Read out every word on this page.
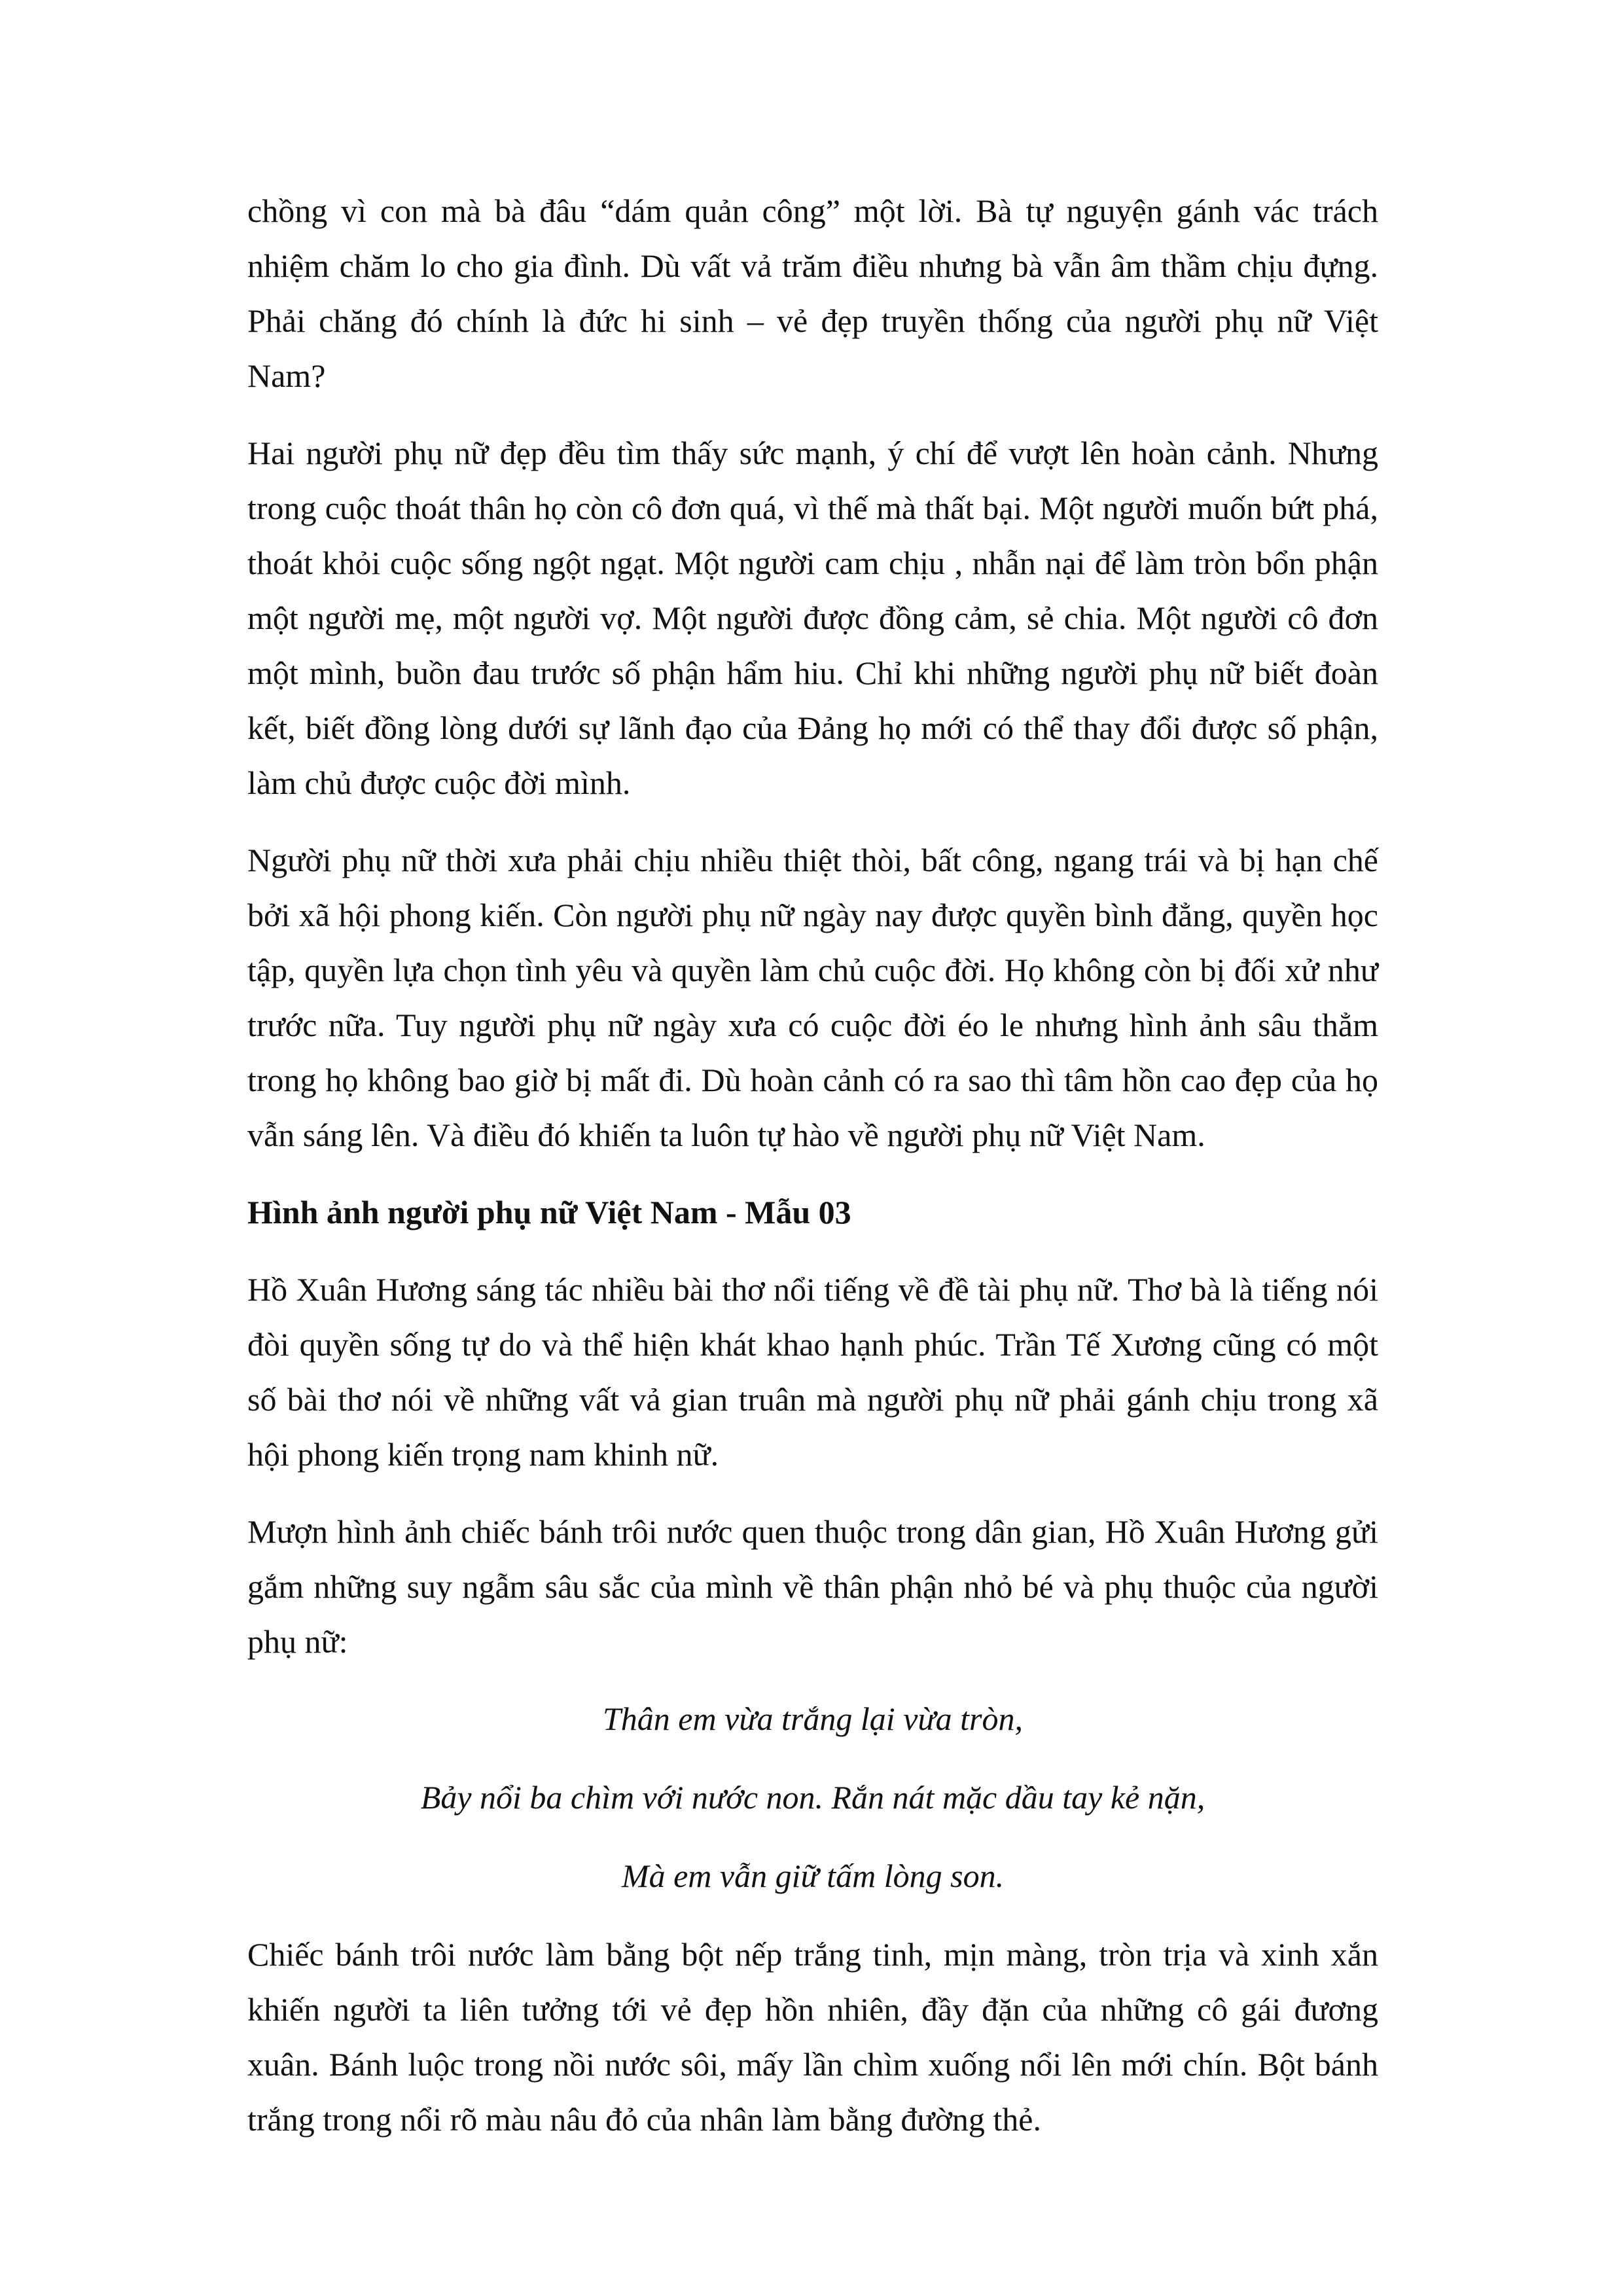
chồng vì con mà bà đâu “dám quản công” một lời. Bà tự nguyện gánh vác trách nhiệm chăm lo cho gia đình. Dù vất vả trăm điều nhưng bà vẫn âm thầm chịu đựng. Phải chăng đó chính là đức hi sinh – vẻ đẹp truyền thống của người phụ nữ Việt Nam?

Hai người phụ nữ đẹp đều tìm thấy sức mạnh, ý chí để vượt lên hoàn cảnh. Nhưng trong cuộc thoát thân họ còn cô đơn quá, vì thế mà thất bại. Một người muốn bứt phá, thoát khỏi cuộc sống ngột ngạt. Một người cam chịu , nhẫn nại để làm tròn bổn phận một người mẹ, một người vợ. Một người được đồng cảm, sẻ chia. Một người cô đơn một mình, buồn đau trước số phận hẩm hiu. Chỉ khi những người phụ nữ biết đoàn kết, biết đồng lòng dưới sự lãnh đạo của Đảng họ mới có thể thay đổi được số phận, làm chủ được cuộc đời mình.

Người phụ nữ thời xưa phải chịu nhiều thiệt thòi, bất công, ngang trái và bị hạn chế bởi xã hội phong kiến. Còn người phụ nữ ngày nay được quyền bình đẳng, quyền học tập, quyền lựa chọn tình yêu và quyền làm chủ cuộc đời. Họ không còn bị đối xử như trước nữa. Tuy người phụ nữ ngày xưa có cuộc đời éo le nhưng hình ảnh sâu thẳm trong họ không bao giờ bị mất đi. Dù hoàn cảnh có ra sao thì tâm hồn cao đẹp của họ vẫn sáng lên. Và điều đó khiến ta luôn tự hào về người phụ nữ Việt Nam.

Hình ảnh người phụ nữ Việt Nam - Mẫu 03

Hồ Xuân Hương sáng tác nhiều bài thơ nổi tiếng về đề tài phụ nữ. Thơ bà là tiếng nói đòi quyền sống tự do và thể hiện khát khao hạnh phúc. Trần Tế Xương cũng có một số bài thơ nói về những vất vả gian truân mà người phụ nữ phải gánh chịu trong xã hội phong kiến trọng nam khinh nữ.

Mượn hình ảnh chiếc bánh trôi nước quen thuộc trong dân gian, Hồ Xuân Hương gửi gắm những suy ngẫm sâu sắc của mình về thân phận nhỏ bé và phụ thuộc của người phụ nữ:

Thân em vừa trắng lại vừa tròn,
Bảy nổi ba chìm với nước non. Rắn nát mặc dầu tay kẻ nặn,
Mà em vẫn giữ tấm lòng son.

Chiếc bánh trôi nước làm bằng bột nếp trắng tinh, mịn màng, tròn trịa và xinh xắn khiến người ta liên tưởng tới vẻ đẹp hồn nhiên, đầy đặn của những cô gái đương xuân. Bánh luộc trong nồi nước sôi, mấy lần chìm xuống nổi lên mới chín. Bột bánh trắng trong nổi rõ màu nâu đỏ của nhân làm bằng đường thẻ.
